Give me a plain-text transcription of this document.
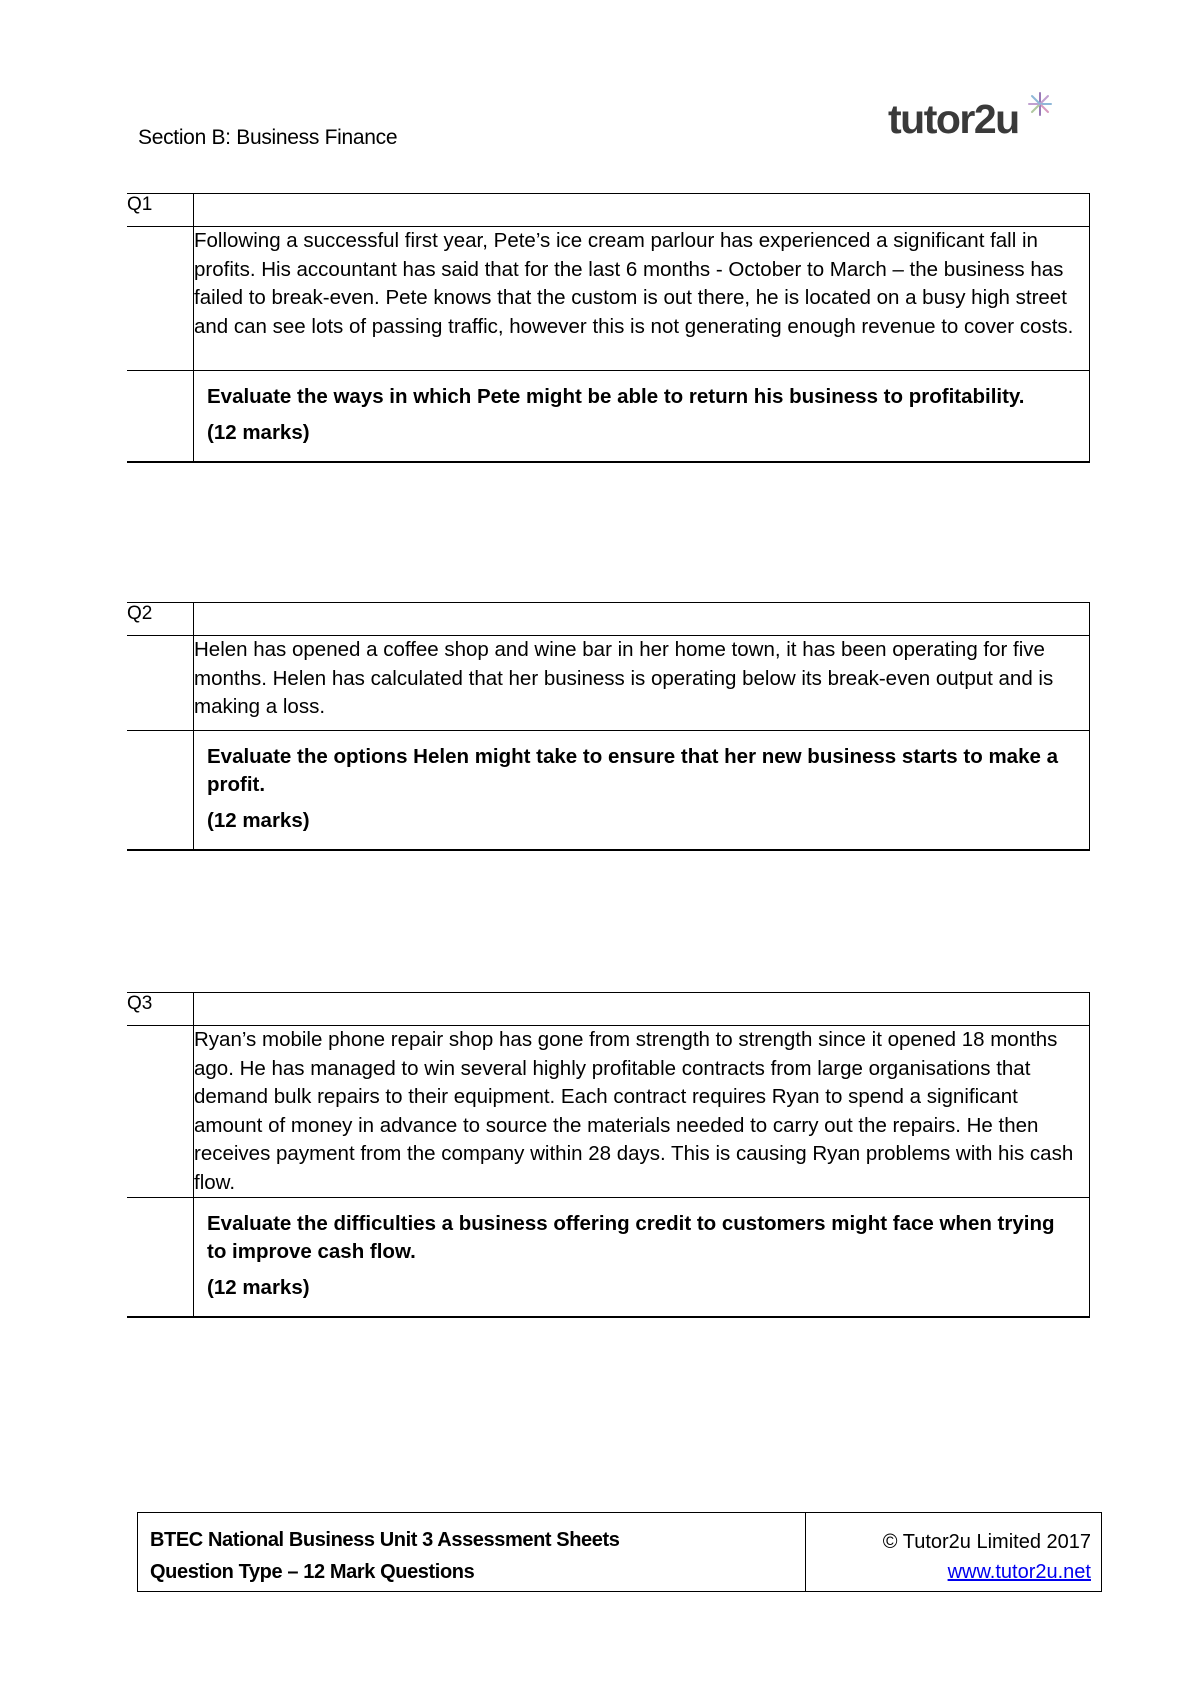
Section B: Business Finance	tutor2u
Q1	
	Following a successful first year, Pete’s ice cream parlour has experienced a significant fall in profits. His accountant has said that for the last 6 months - October to March – the business has failed to break-even. Pete knows that the custom is out there, he is located on a busy high street and can see lots of passing traffic, however this is not generating enough revenue to cover costs.

	Evaluate the ways in which Pete might be able to return his business to profitability.
(12 marks)
Q2	
	Helen has opened a coffee shop and wine bar in her home town, it has been operating for five months. Helen has calculated that her business is operating below its break-even output and is making a loss.

	Evaluate the options Helen might take to ensure that her new business starts to make a profit.
(12 marks)
Q3	
	Ryan’s mobile phone repair shop has gone from strength to strength since it opened 18 months ago. He has managed to win several highly profitable contracts from large organisations that demand bulk repairs to their equipment. Each contract requires Ryan to spend a significant amount of money in advance to source the materials needed to carry out the repairs. He then receives payment from the company within 28 days. This is causing Ryan problems with his cash flow.

	Evaluate the difficulties a business offering credit to customers might face when trying to improve cash flow.
(12 marks)
BTEC National Business Unit 3 Assessment Sheets
Question Type – 12 Mark Questions
© Tutor2u Limited 2017
www.tutor2u.net
